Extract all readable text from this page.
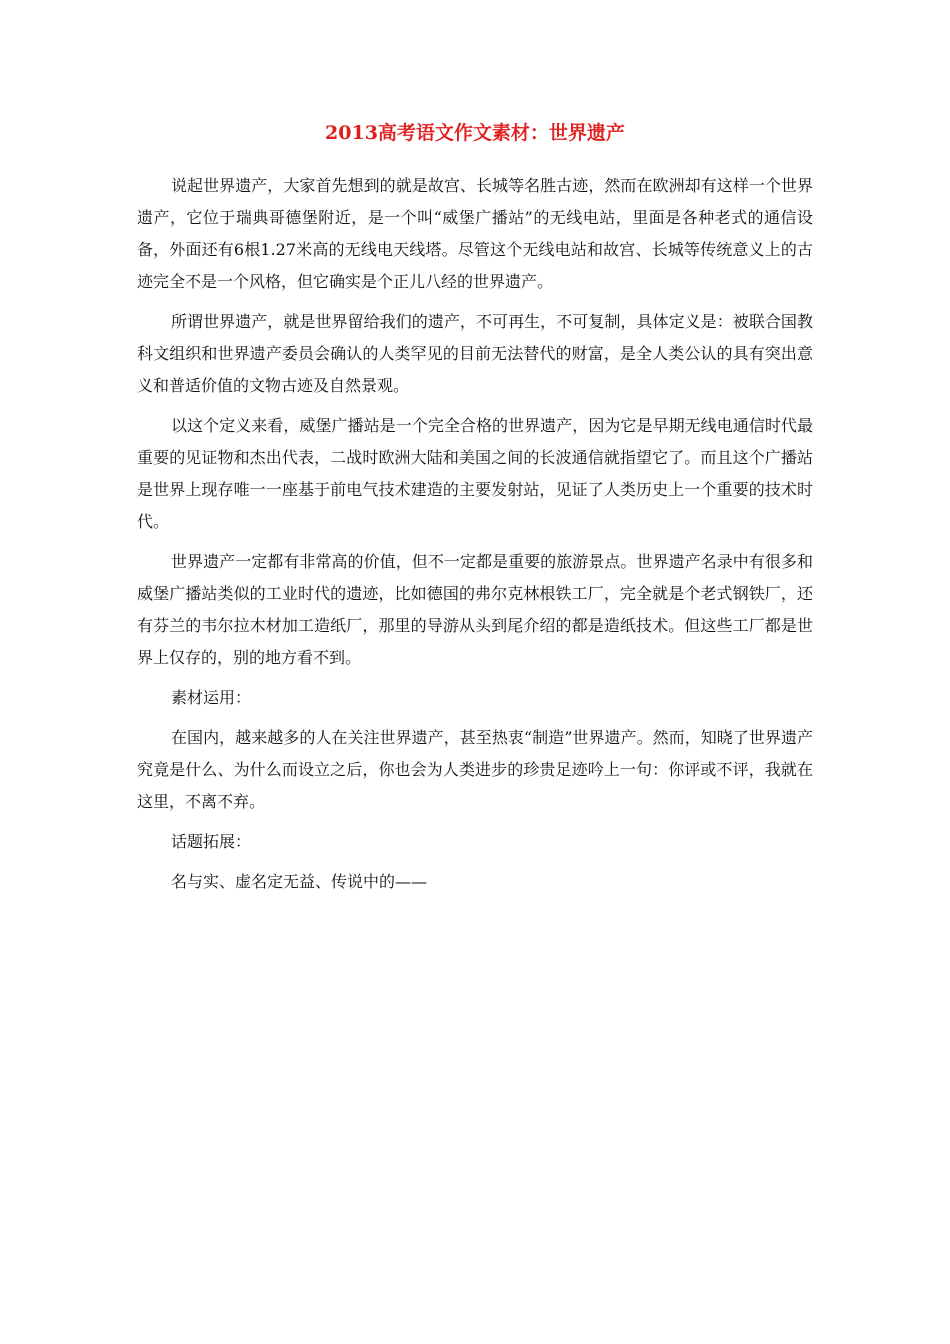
2013高考语文作文素材：世界遗产

说起世界遗产，大家首先想到的就是故宫、长城等名胜古迹，然而在欧洲却有这样一个世界遗产，它位于瑞典哥德堡附近，是一个叫“威堡广播站”的无线电站，里面是各种老式的通信设备，外面还有6根1.27米高的无线电天线塔。尽管这个无线电站和故宫、长城等传统意义上的古迹完全不是一个风格，但它确实是个正儿八经的世界遗产。

所谓世界遗产，就是世界留给我们的遗产，不可再生，不可复制，具体定义是：被联合国教科文组织和世界遗产委员会确认的人类罕见的目前无法替代的财富，是全人类公认的具有突出意义和普适价值的文物古迹及自然景观。

以这个定义来看，威堡广播站是一个完全合格的世界遗产，因为它是早期无线电通信时代最重要的见证物和杰出代表，二战时欧洲大陆和美国之间的长波通信就指望它了。而且这个广播站是世界上现存唯一一座基于前电气技术建造的主要发射站，见证了人类历史上一个重要的技术时代。

世界遗产一定都有非常高的价值，但不一定都是重要的旅游景点。世界遗产名录中有很多和威堡广播站类似的工业时代的遗迹，比如德国的弗尔克林根铁工厂，完全就是个老式钢铁厂，还有芬兰的韦尔拉木材加工造纸厂，那里的导游从头到尾介绍的都是造纸技术。但这些工厂都是世界上仅存的，别的地方看不到。

素材运用：

在国内，越来越多的人在关注世界遗产，甚至热衷“制造”世界遗产。然而，知晓了世界遗产究竟是什么、为什么而设立之后，你也会为人类进步的珍贵足迹吟上一句：你评或不评，我就在这里，不离不弃。

话题拓展：

名与实、虚名定无益、传说中的——
